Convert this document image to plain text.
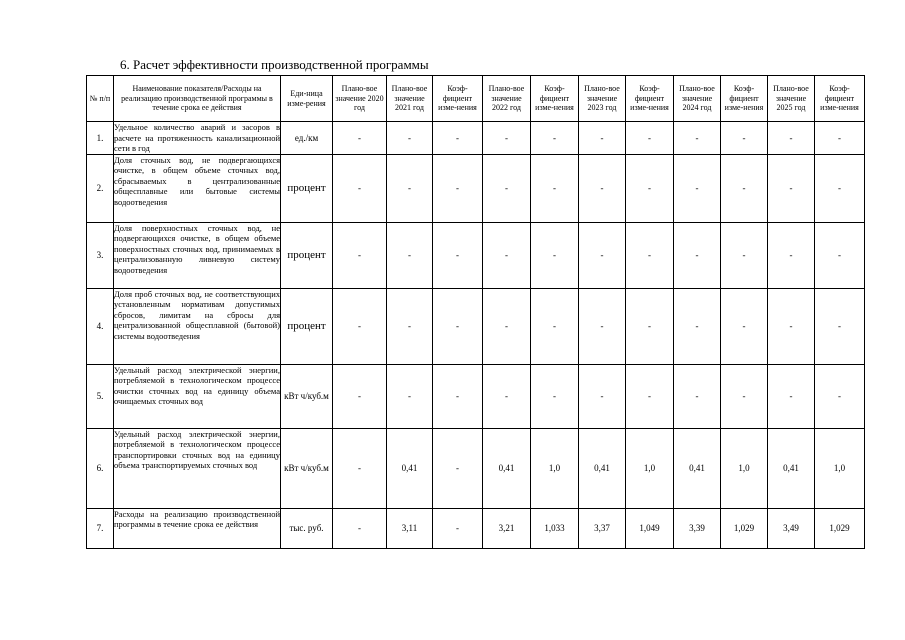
6. Расчет эффективности производственной программы
№ п/п	Наименование показателя/Расходы на реализацию производственной программы в течение срока ее действия	Еди-ница изме-рения	Плано-вое значение 2020 год	Плано-вое значение 2021 год	Коэф-фициент изме-нения	Плано-вое значение 2022 год	Коэф-фициент изме-нения	Плано-вое значение 2023 год	Коэф-фициент изме-нения	Плано-вое значение 2024 год	Коэф-фициент изме-нения	Плано-вое значение 2025 год	Коэф-фициент изме-нения
1.	Удельное количество аварий и засоров в расчете на протяженность канализационной сети в год	ед./км	-	-	-	-	-	-	-	-	-	-	-
2.	Доля сточных вод, не подвергающихся очистке, в общем объеме сточных вод, сбрасываемых в централизованные общесплавные или бытовые системы водоотведения	процент	-	-	-	-	-	-	-	-	-	-	-
3.	Доля поверхностных сточных вод, не подвергающихся очистке, в общем объеме поверхностных сточных вод, принимаемых в централизованную ливневую систему водоотведения	процент	-	-	-	-	-	-	-	-	-	-	-
4.	Доля проб сточных вод, не соответствующих установленным нормативам допустимых сбросов, лимитам на сбросы для централизованной общесплавной (бытовой) системы водоотведения	процент	-	-	-	-	-	-	-	-	-	-	-
5.	Удельный расход электрической энергии, потребляемой в технологическом процессе очистки сточных вод на единицу объема очищаемых сточных вод	кВт ч/куб.м	-	-	-	-	-	-	-	-	-	-	-
6.	Удельный расход электрической энергии, потребляемой в технологическом процессе транспортировки сточных вод на единицу объема транспортируемых сточных вод	кВт ч/куб.м	-	0,41	-	0,41	1,0	0,41	1,0	0,41	1,0	0,41	1,0
7.	Расходы на реализацию производственной программы в течение срока ее действия	тыс. руб.	-	3,11	-	3,21	1,033	3,37	1,049	3,39	1,029	3,49	1,029
